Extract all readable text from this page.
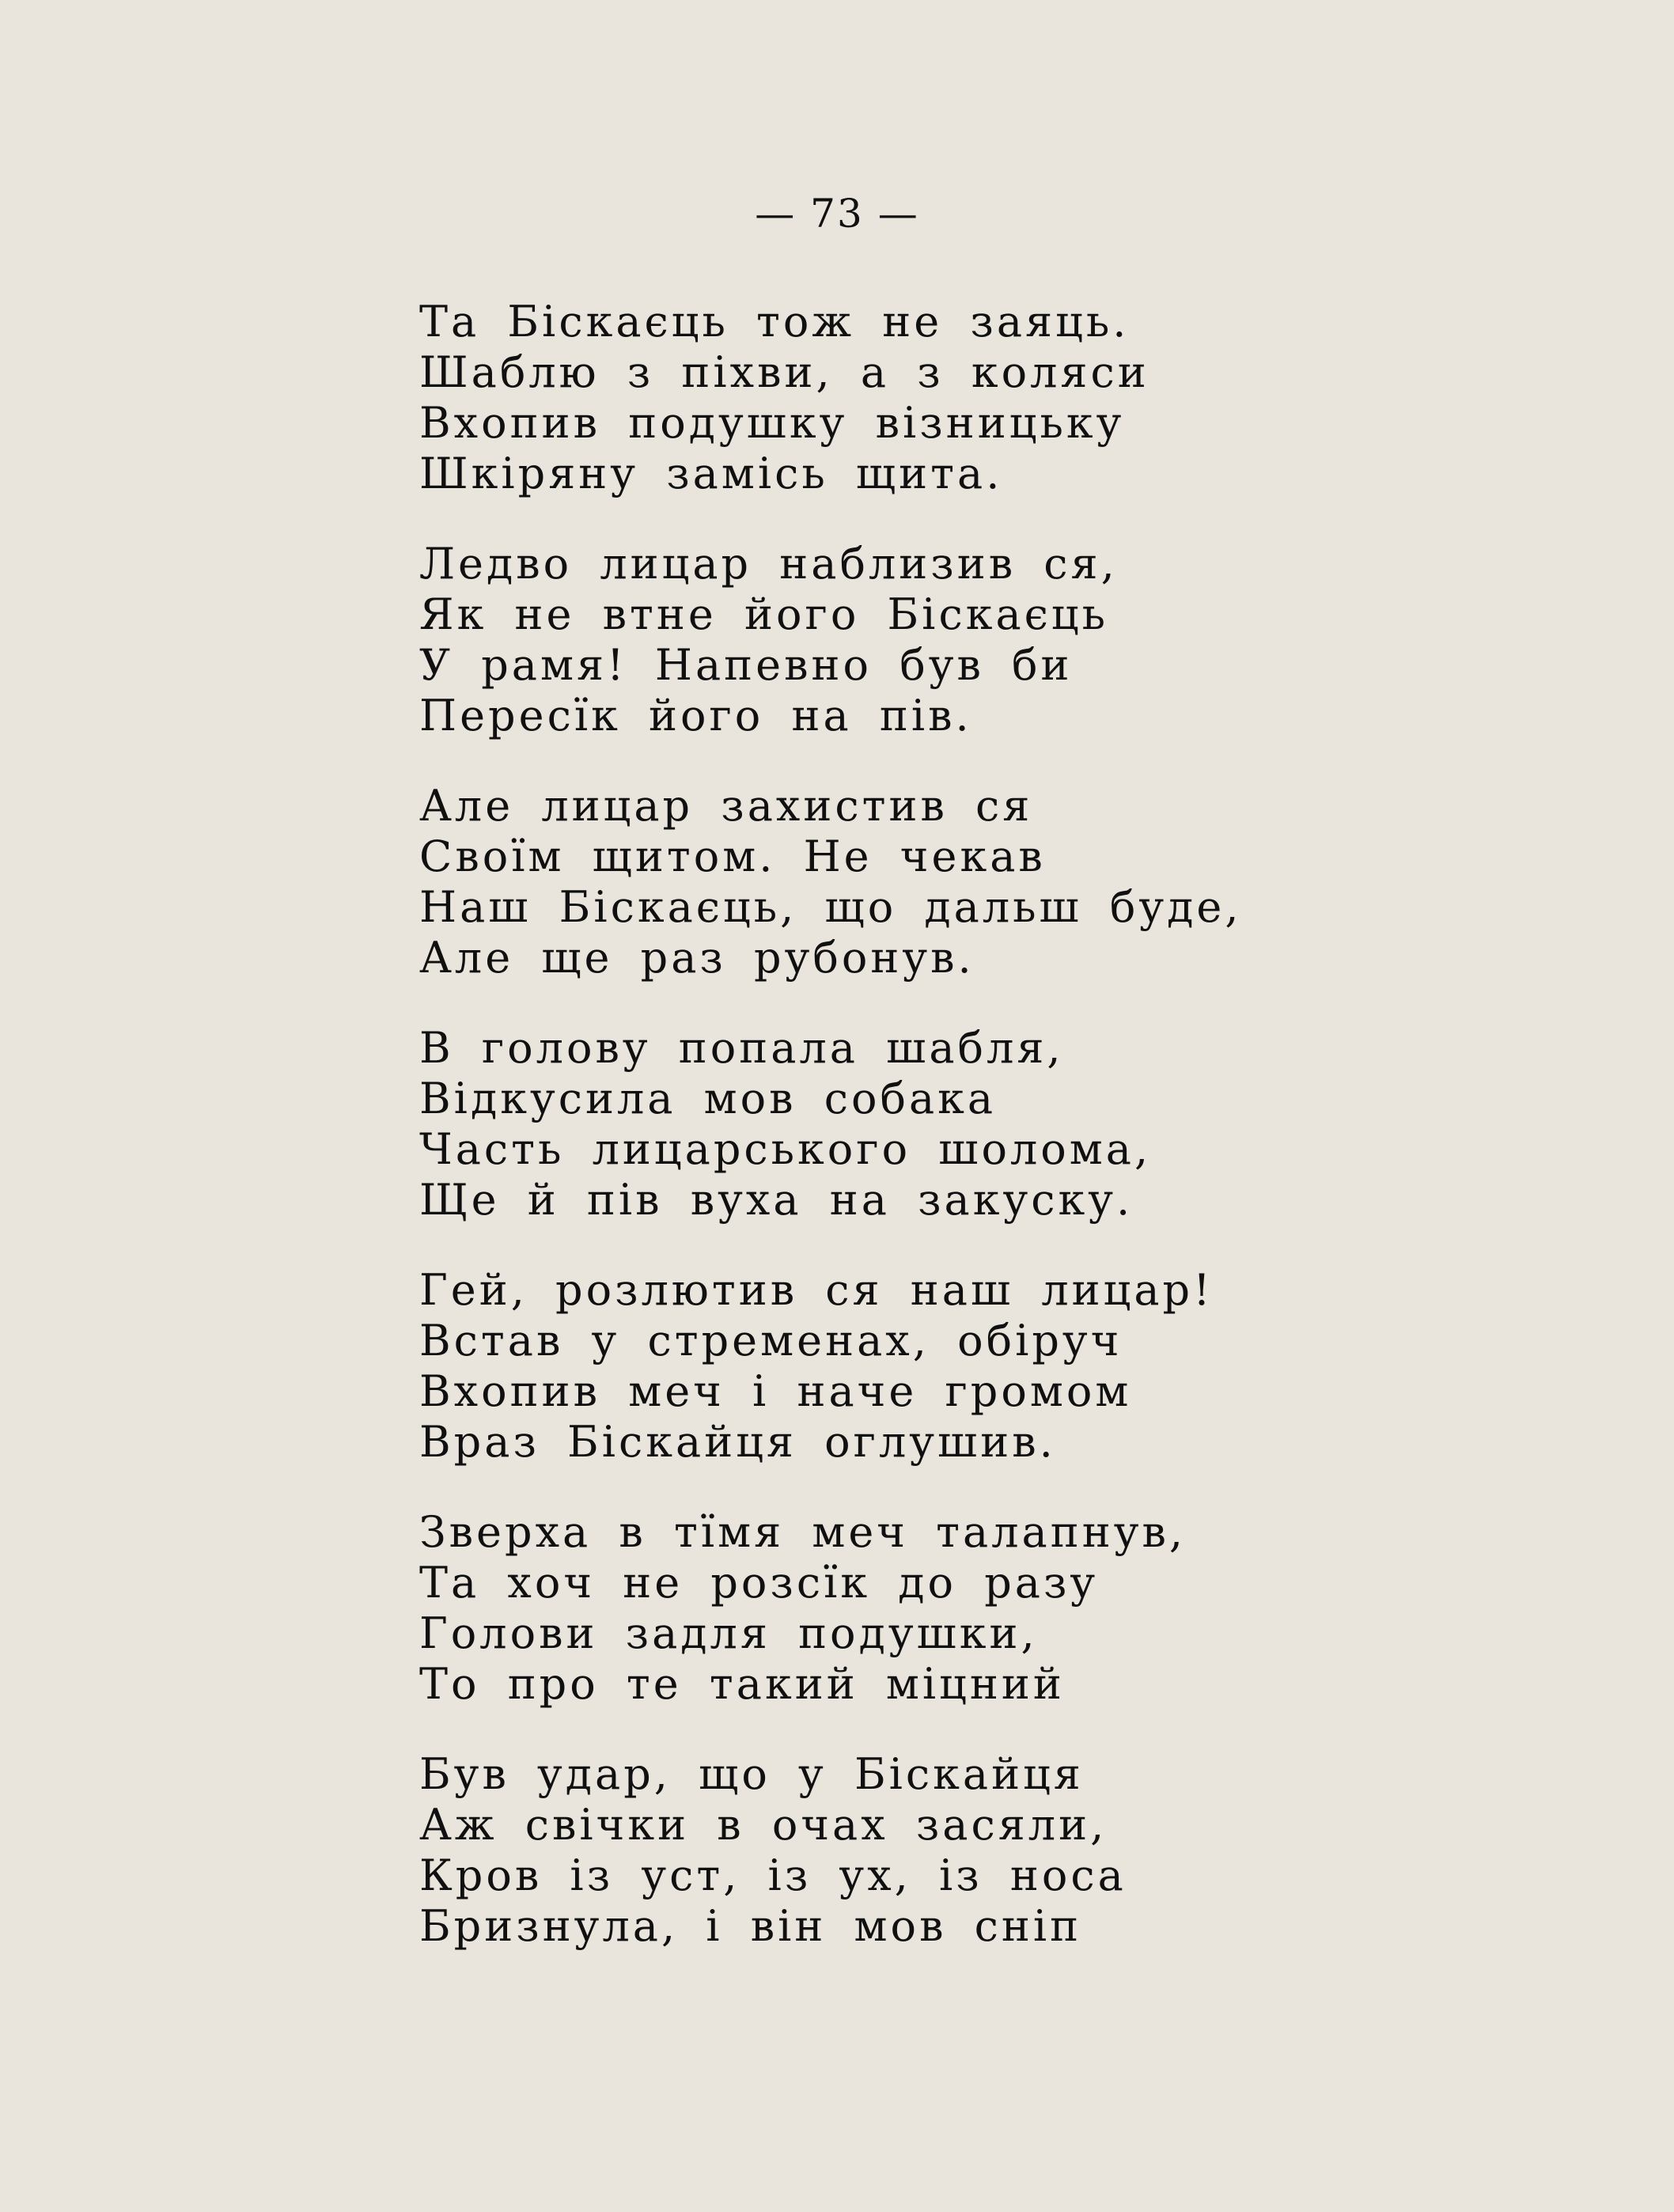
— 73 —
Та Біскаєць тож не заяць.
Шаблю з піхви, а з коляси
Вхопив подушку візницьку
Шкіряну замісь щита.
Ледво лицар наблизив ся,
Як не втне його Біскаєць
У рамя! Напевно був би
Пересїк його на пів.
Але лицар захистив ся
Своїм щитом. Не чекав
Наш Біскаєць, що дальш буде,
Але ще раз рубонув.
В голову попала шабля,
Відкусила мов собака
Часть лицарського шолома,
Ще й пів вуха на закуску.
Гей, розлютив ся наш лицар!
Встав у стременах, обіруч
Вхопив меч і наче громом
Враз Біскайця оглушив.
Зверха в тїмя меч талапнув,
Та хоч не розсїк до разу
Голови задля подушки,
То про те такий міцний
Був удар, що у Біскайця
Аж свічки в очах засяли,
Кров із уст, із ух, із носа
Бризнула, і він мов сніп
